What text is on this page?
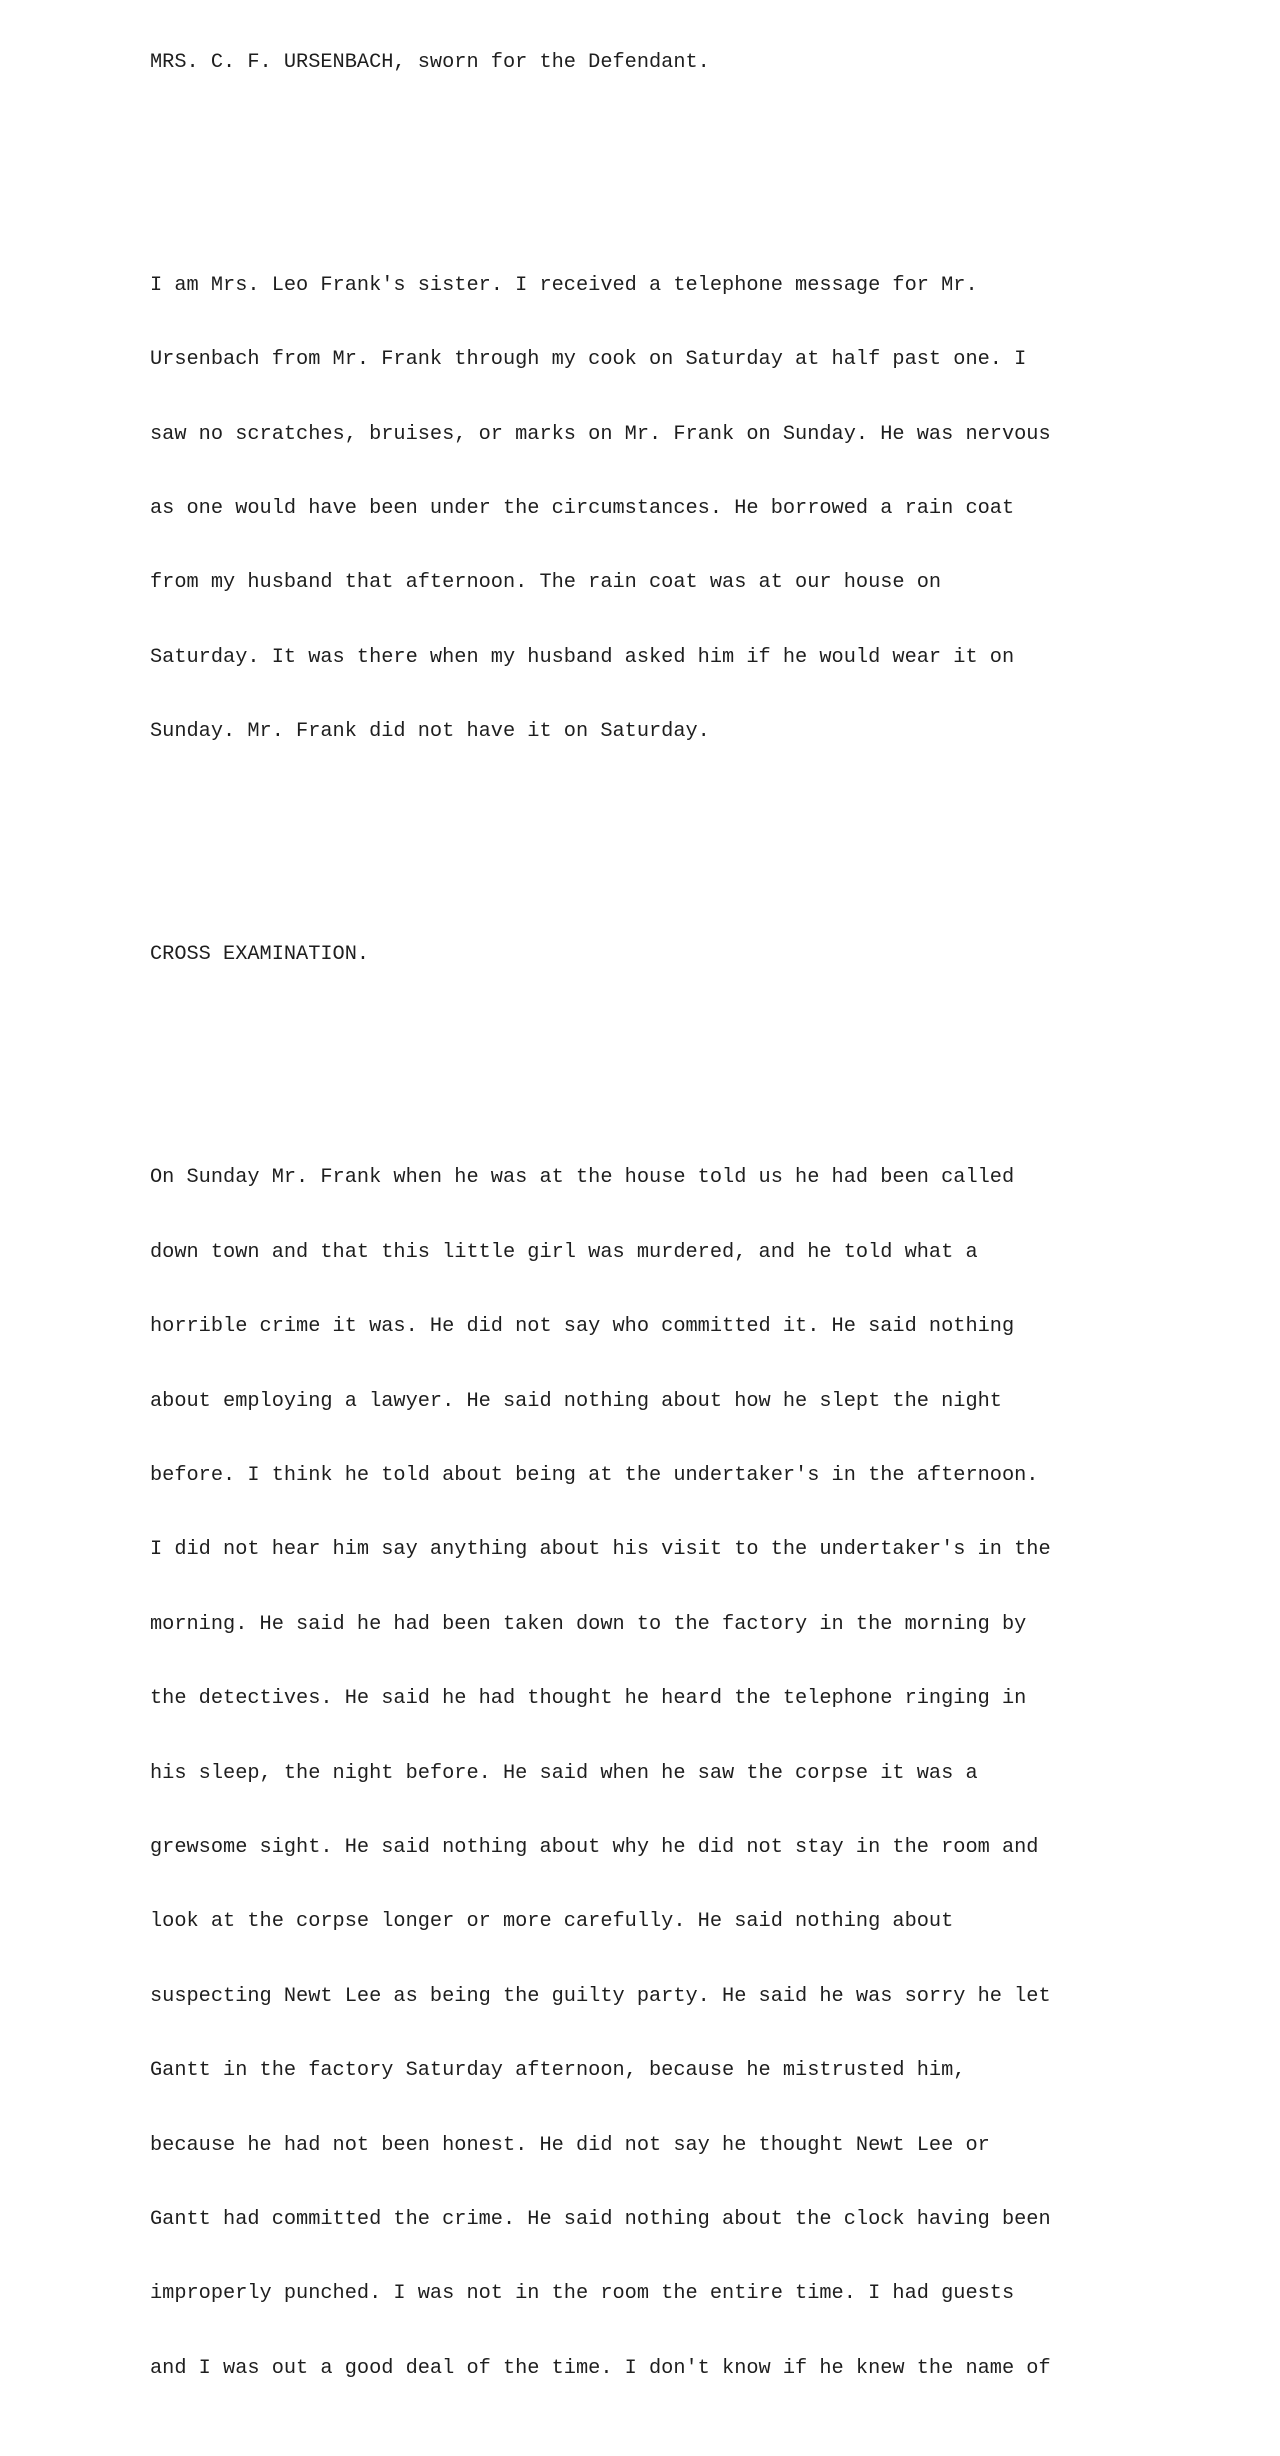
MRS. C. F. URSENBACH, sworn for the Defendant.

I am Mrs. Leo Frank's sister. I received a telephone message for Mr.

Ursenbach from Mr. Frank through my cook on Saturday at half past one. I

saw no scratches, bruises, or marks on Mr. Frank on Sunday. He was nervous

as one would have been under the circumstances. He borrowed a rain coat

from my husband that afternoon. The rain coat was at our house on

Saturday. It was there when my husband asked him if he would wear it on

Sunday. Mr. Frank did not have it on Saturday.

CROSS EXAMINATION.

On Sunday Mr. Frank when he was at the house told us he had been called

down town and that this little girl was murdered, and he told what a

horrible crime it was. He did not say who committed it. He said nothing

about employing a lawyer. He said nothing about how he slept the night

before. I think he told about being at the undertaker's in the afternoon.

I did not hear him say anything about his visit to the undertaker's in the

morning. He said he had been taken down to the factory in the morning by

the detectives. He said he had thought he heard the telephone ringing in

his sleep, the night before. He said when he saw the corpse it was a

grewsome sight. He said nothing about why he did not stay in the room and

look at the corpse longer or more carefully. He said nothing about

suspecting Newt Lee as being the guilty party. He said he was sorry he let

Gantt in the factory Saturday afternoon, because he mistrusted him,

because he had not been honest. He did not say he thought Newt Lee or

Gantt had committed the crime. He said nothing about the clock having been

improperly punched. I was not in the room the entire time. I had guests

and I was out a good deal of the time. I don't know if he knew the name of
